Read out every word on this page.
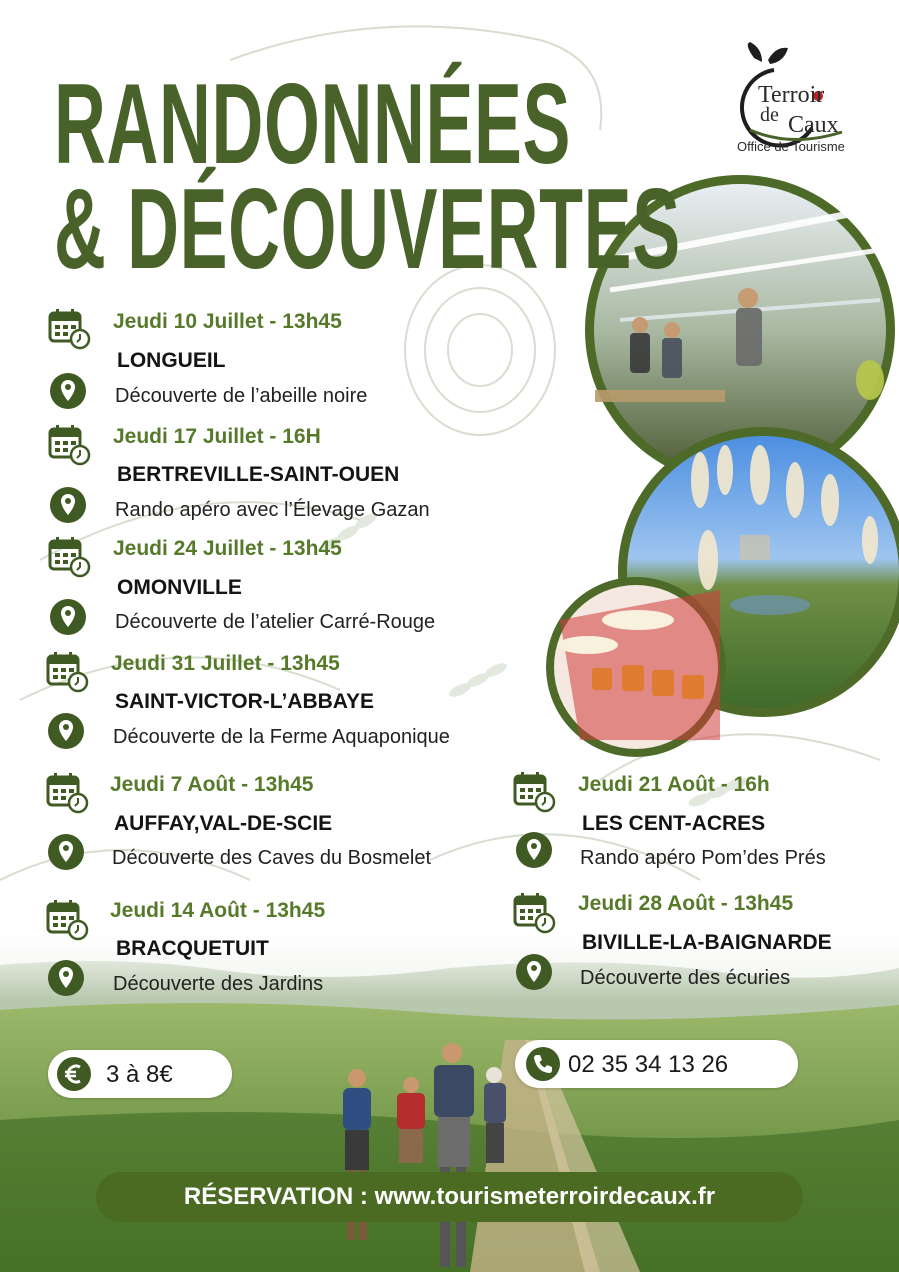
RANDONNÉES
& DÉCOUVERTES
Terroir
de Caux
Office de Tourisme
Jeudi 10 Juillet - 13h45
LONGUEIL
Découverte de l’abeille noire
Jeudi 17 Juillet - 16H
BERTREVILLE-SAINT-OUEN
Rando apéro avec l’Élevage Gazan
Jeudi 24 Juillet - 13h45
OMONVILLE
Découverte de l’atelier Carré-Rouge
Jeudi 31 Juillet - 13h45
SAINT-VICTOR-L’ABBAYE
Découverte de la Ferme Aquaponique
Jeudi 7 Août - 13h45
AUFFAY,VAL-DE-SCIE
Découverte des Caves du Bosmelet
Jeudi 14 Août - 13h45
BRACQUETUIT
Découverte des Jardins
Jeudi 21 Août - 16h
LES CENT-ACRES
Rando apéro Pom’des Prés
Jeudi 28 Août - 13h45
BIVILLE-LA-BAIGNARDE
Découverte des écuries
3 à 8€	02 35 34 13 26
RÉSERVATION : www.tourismeterroirdecaux.fr
